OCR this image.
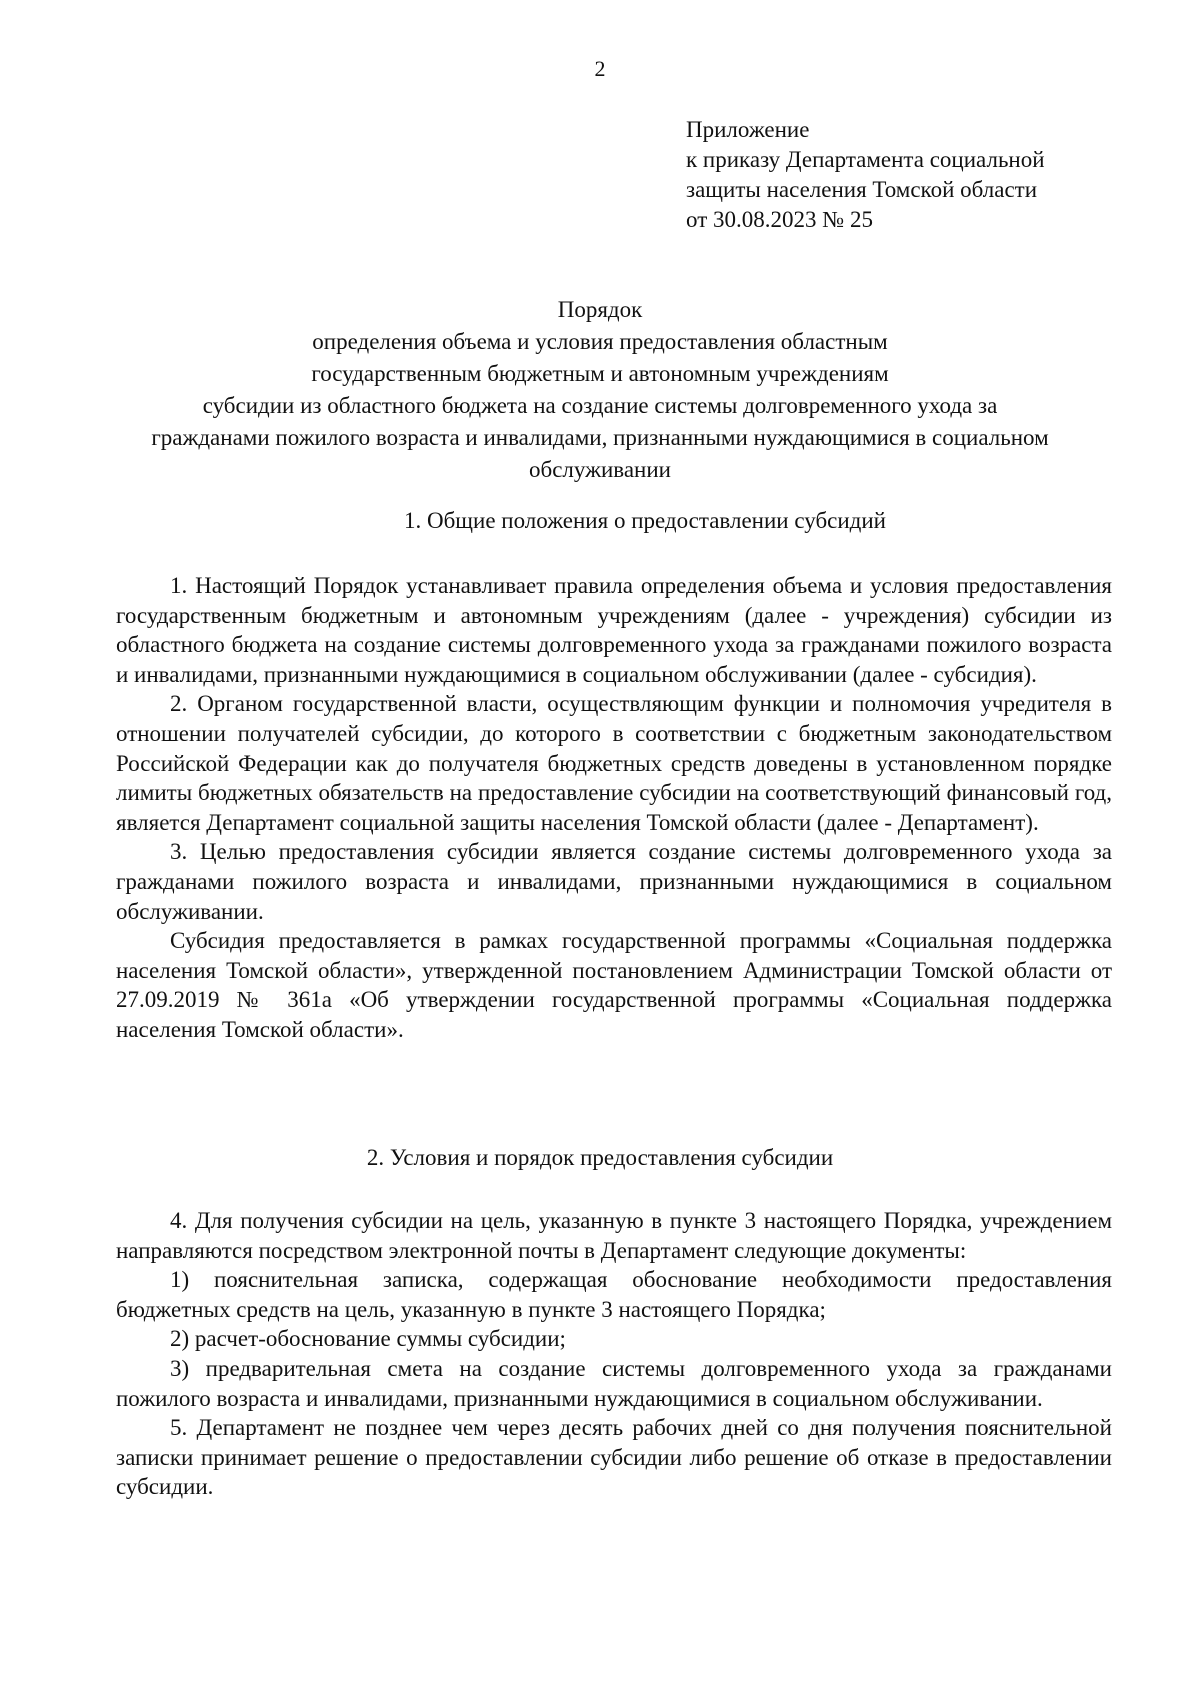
2
Приложение
к приказу Департамента социальной
защиты населения Томской области
от 30.08.2023 № 25
Порядок
определения объема и условия предоставления областным
государственным бюджетным и автономным учреждениям
субсидии из областного бюджета на создание системы долговременного ухода за
гражданами пожилого возраста и инвалидами, признанными нуждающимися в социальном
обслуживании
1. Общие положения о предоставлении субсидий

1. Настоящий Порядок устанавливает правила определения объема и условия предоставления государственным бюджетным и автономным учреждениям (далее - учреждения) субсидии из областного бюджета на создание системы долговременного ухода за гражданами пожилого возраста и инвалидами, признанными нуждающимися в социальном обслуживании (далее - субсидия).

2. Органом государственной власти, осуществляющим функции и полномочия учредителя в отношении получателей субсидии, до которого в соответствии с бюджетным законодательством Российской Федерации как до получателя бюджетных средств доведены в установленном порядке лимиты бюджетных обязательств на предоставление субсидии на соответствующий финансовый год, является Департамент социальной защиты населения Томской области (далее - Департамент).

3. Целью предоставления субсидии является создание системы долговременного ухода за гражданами пожилого возраста и инвалидами, признанными нуждающимися в социальном обслуживании.

Субсидия предоставляется в рамках государственной программы «Социальная поддержка населения Томской области», утвержденной постановлением Администрации Томской области от 27.09.2019 № 361а «Об утверждении государственной программы «Социальная поддержка населения Томской области».

2. Условия и порядок предоставления субсидии

4. Для получения субсидии на цель, указанную в пункте 3 настоящего Порядка, учреждением направляются посредством электронной почты в Департамент следующие документы:

1) пояснительная записка, содержащая обоснование необходимости предоставления бюджетных средств на цель, указанную в пункте 3 настоящего Порядка;

2) расчет-обоснование суммы субсидии;

3) предварительная смета на создание системы долговременного ухода за гражданами пожилого возраста и инвалидами, признанными нуждающимися в социальном обслуживании.

5. Департамент не позднее чем через десять рабочих дней со дня получения пояснительной записки принимает решение о предоставлении субсидии либо решение об отказе в предоставлении субсидии.
